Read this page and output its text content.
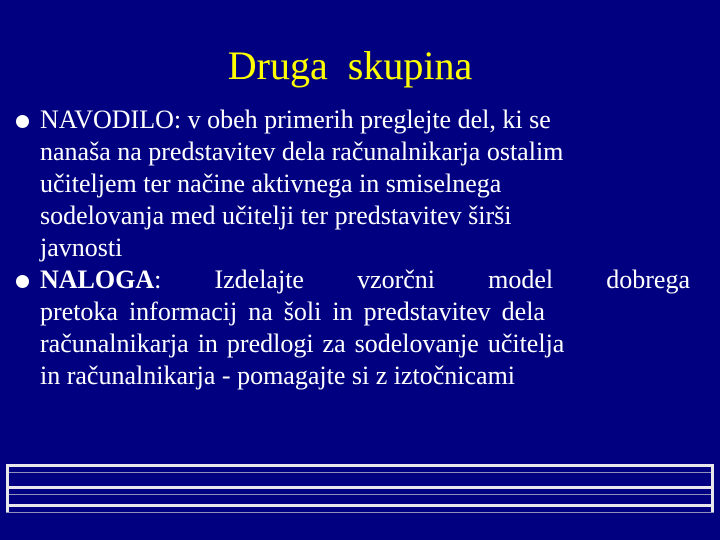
Druga  skupina
NAVODILO: v obeh primerih preglejte del, ki se
nanaša na predstavitev dela računalnikarja ostalim
učiteljem ter načine aktivnega in smiselnega
sodelovanja med učitelji ter predstavitev širši
javnosti
NALOGA:  Izdelajte  vzorčni  model  dobrega
pretoka  informacij  na  šoli  in  predstavitev  dela
računalnikarja  in  predlogi  za  sodelovanje  učitelja
in računalnikarja - pomagajte si z iztočnicami
